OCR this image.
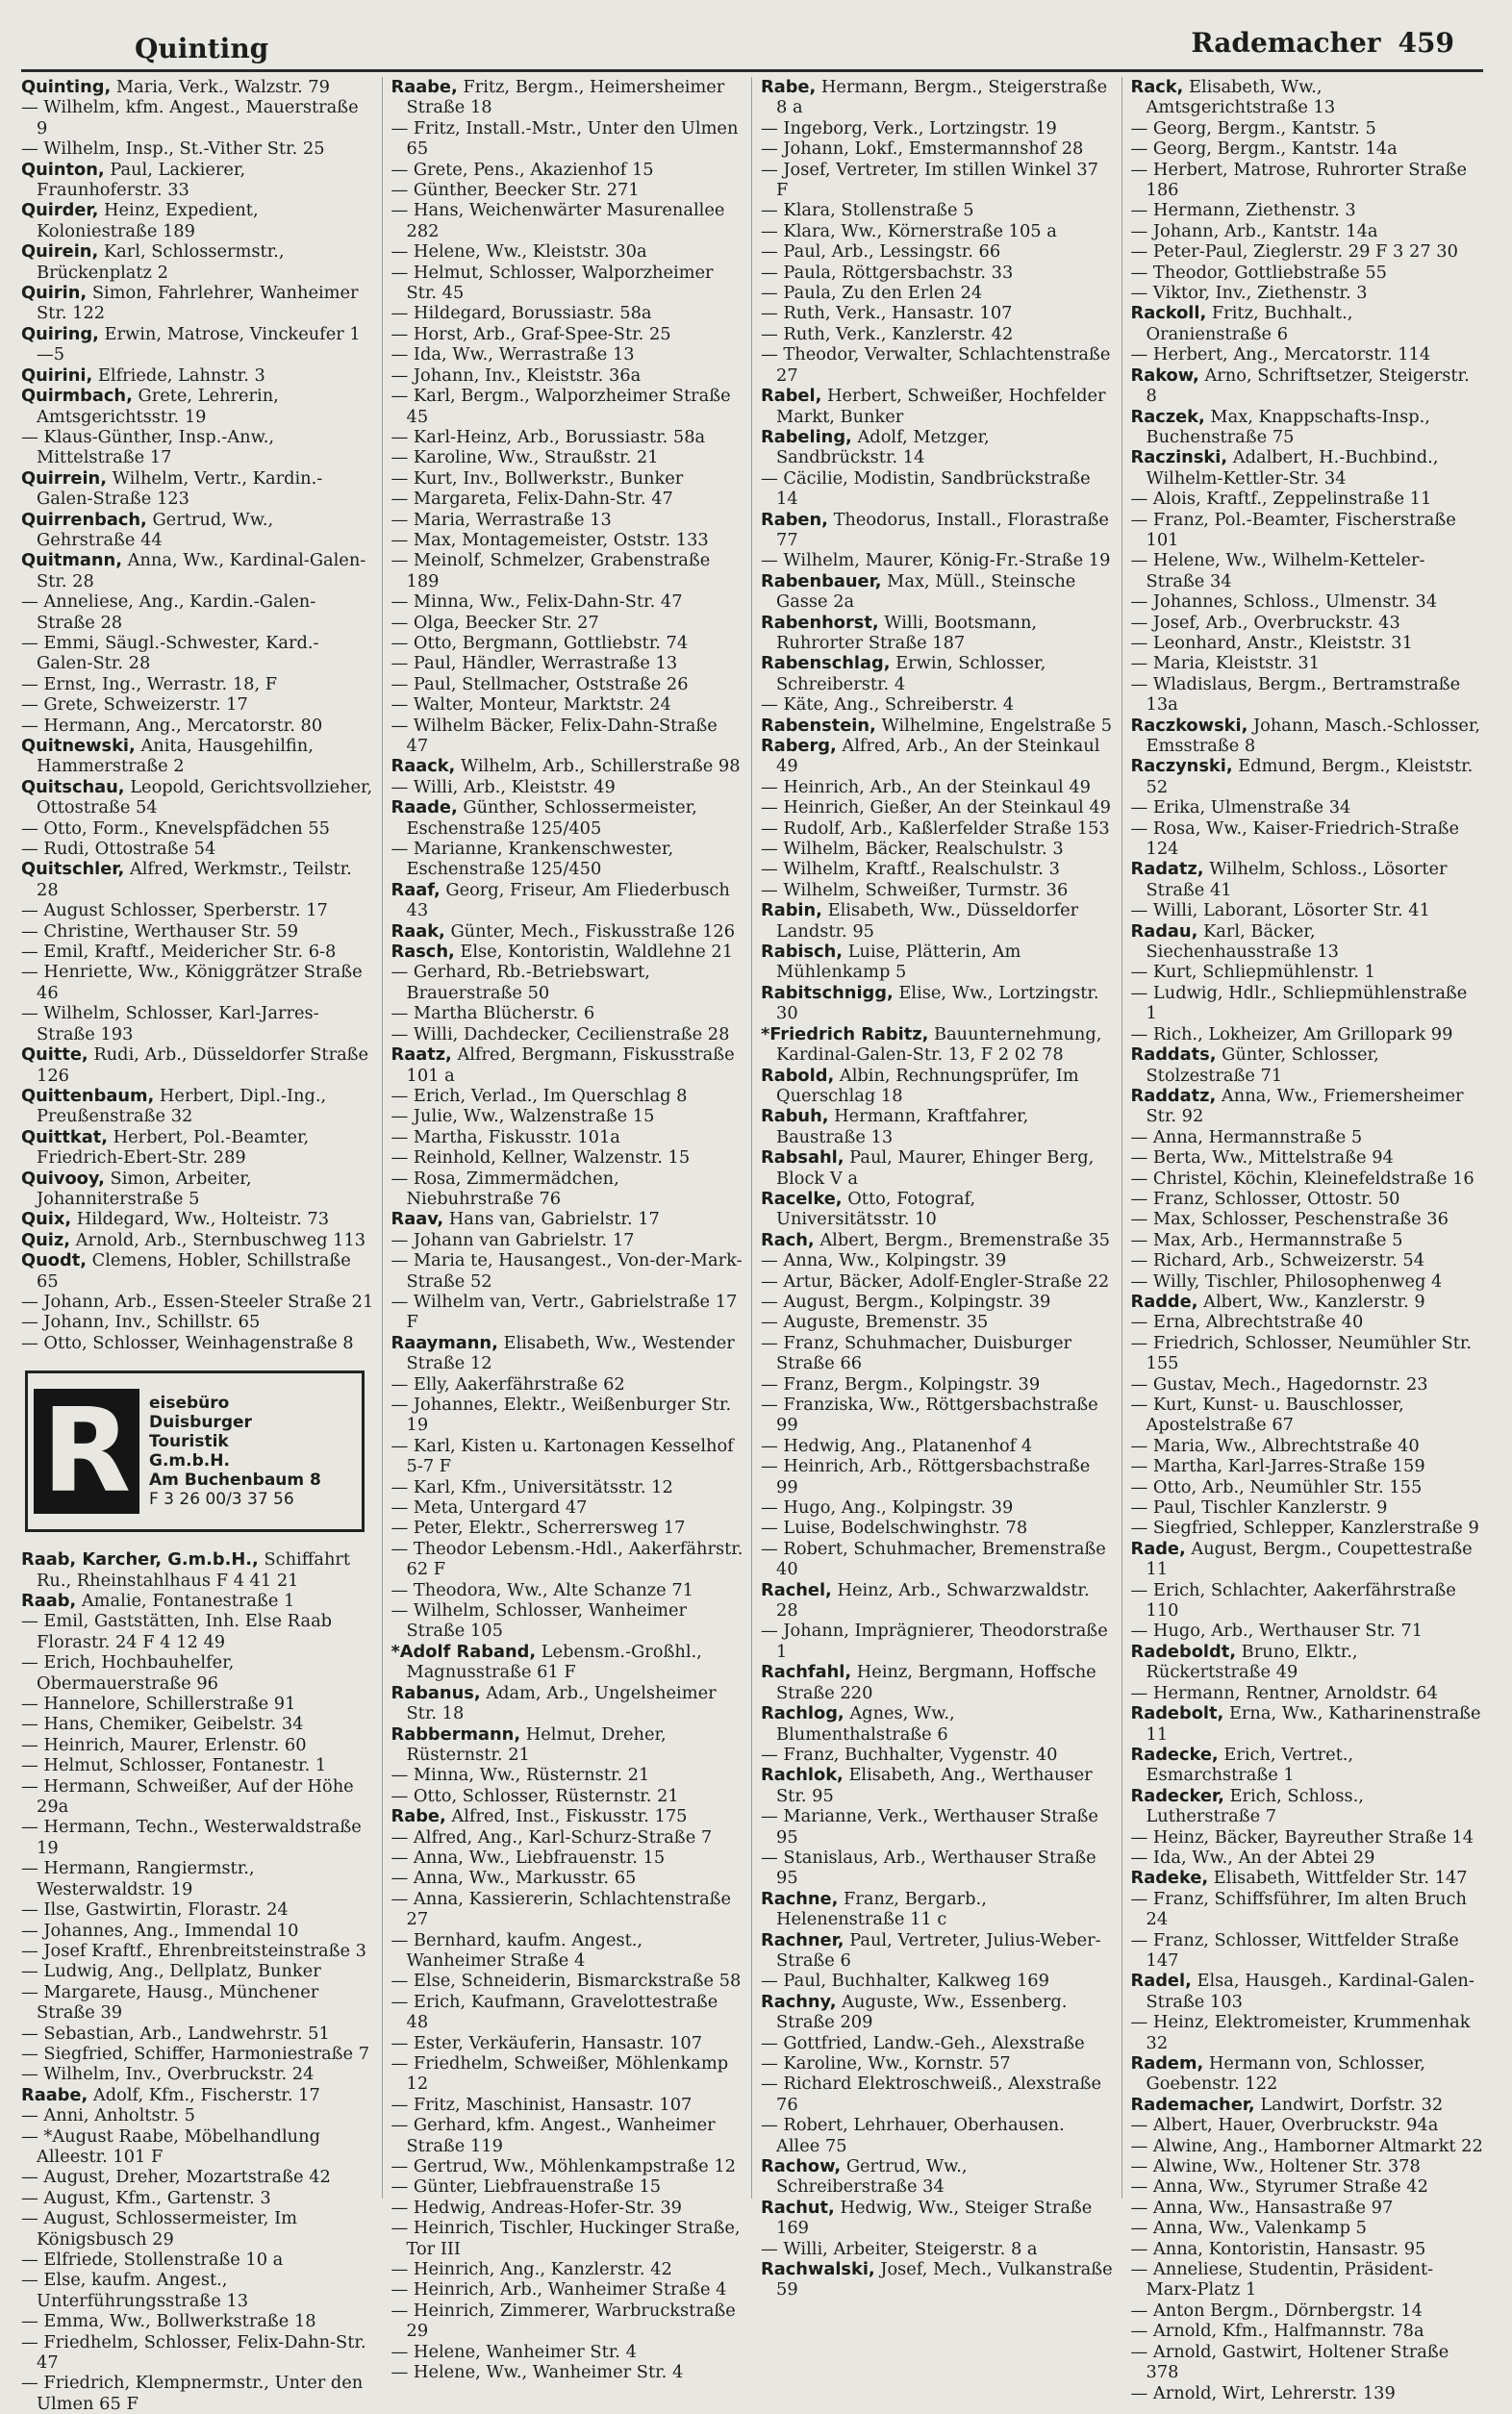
Quinting	Rademacher 459

Quinting, Maria, Verk., Walzstr. 79

— Wilhelm, kfm. Angest., Mauerstraße 9

— Wilhelm, Insp., St.-Vither Str. 25

Quinton, Paul, Lackierer, Fraunhoferstr. 33

Quirder, Heinz, Expedient, Koloniestraße 189

Quirein, Karl, Schlossermstr., Brückenplatz 2

Quirin, Simon, Fahrlehrer, Wanheimer Str. 122

Quiring, Erwin, Matrose, Vinckeufer 1—5

Quirini, Elfriede, Lahnstr. 3

Quirmbach, Grete, Lehrerin, Amtsgerichtsstr. 19

— Klaus-Günther, Insp.-Anw., Mittelstraße 17

Quirrein, Wilhelm, Vertr., Kardin.-Galen-Straße 123

Quirrenbach, Gertrud, Ww., Gehrstraße 44

Quitmann, Anna, Ww., Kardinal-Galen-Str. 28

— Anneliese, Ang., Kardin.-Galen-Straße 28

— Emmi, Säugl.-Schwester, Kard.-Galen-Str. 28

— Ernst, Ing., Werrastr. 18, F

— Grete, Schweizerstr. 17

— Hermann, Ang., Mercatorstr. 80

Quitnewski, Anita, Hausgehilfin, Hammerstraße 2

Quitschau, Leopold, Gerichtsvollzieher, Ottostraße 54

— Otto, Form., Knevelspfädchen 55

— Rudi, Ottostraße 54

Quitschler, Alfred, Werkmstr., Teilstr. 28

— August Schlosser, Sperberstr. 17

— Christine, Werthauser Str. 59

— Emil, Kraftf., Meidericher Str. 6-8

— Henriette, Ww., Königgrätzer Straße 46

— Wilhelm, Schlosser, Karl-Jarres-Straße 193

Quitte, Rudi, Arb., Düsseldorfer Straße 126

Quittenbaum, Herbert, Dipl.-Ing., Preußenstraße 32

Quittkat, Herbert, Pol.-Beamter, Friedrich-Ebert-Str. 289

Quivooy, Simon, Arbeiter, Johanniterstraße 5

Quix, Hildegard, Ww., Holteistr. 73

Quiz, Arnold, Arb., Sternbuschweg 113

Quodt, Clemens, Hobler, Schillstraße 65

— Johann, Arb., Essen-Steeler Straße 21

— Johann, Inv., Schillstr. 65

— Otto, Schlosser, Weinhagenstraße 8

R	eisebüro
Duisburger
Touristik
G.m.b.H.
Am Buchenbaum 8
F 3 26 00/3 37 56

Raab, Karcher, G.m.b.H., Schiffahrt Ru., Rheinstahlhaus F 4 41 21

Raab, Amalie, Fontanestraße 1

— Emil, Gaststätten, Inh. Else Raab Florastr. 24 F 4 12 49

— Erich, Hochbauhelfer, Obermauerstraße 96

— Hannelore, Schillerstraße 91

— Hans, Chemiker, Geibelstr. 34

— Heinrich, Maurer, Erlenstr. 60

— Helmut, Schlosser, Fontanestr. 1

— Hermann, Schweißer, Auf der Höhe 29a

— Hermann, Techn., Westerwaldstraße 19

— Hermann, Rangiermstr., Westerwaldstr. 19

— Ilse, Gastwirtin, Florastr. 24

— Johannes, Ang., Immendal 10

— Josef Kraftf., Ehrenbreitsteinstraße 3

— Ludwig, Ang., Dellplatz, Bunker

— Margarete, Hausg., Münchener Straße 39

— Sebastian, Arb., Landwehrstr. 51

— Siegfried, Schiffer, Harmoniestraße 7

— Wilhelm, Inv., Overbruckstr. 24

Raabe, Adolf, Kfm., Fischerstr. 17

— Anni, Anholtstr. 5

— *August Raabe, Möbelhandlung Alleestr. 101 F

— August, Dreher, Mozartstraße 42

— August, Kfm., Gartenstr. 3

— August, Schlossermeister, Im Königsbusch 29

— Elfriede, Stollenstraße 10 a

— Else, kaufm. Angest., Unterführungsstraße 13

— Emma, Ww., Bollwerkstraße 18

— Friedhelm, Schlosser, Felix-Dahn-Str. 47

— Friedrich, Klempnermstr., Unter den Ulmen 65 F

Raabe, Fritz, Bergm., Heimersheimer Straße 18

— Fritz, Install.-Mstr., Unter den Ulmen 65

— Grete, Pens., Akazienhof 15

— Günther, Beecker Str. 271

— Hans, Weichenwärter Masurenallee 282

— Helene, Ww., Kleiststr. 30a

— Helmut, Schlosser, Walporzheimer Str. 45

— Hildegard, Borussiastr. 58a

— Horst, Arb., Graf-Spee-Str. 25

— Ida, Ww., Werrastraße 13

— Johann, Inv., Kleiststr. 36a

— Karl, Bergm., Walporzheimer Straße 45

— Karl-Heinz, Arb., Borussiastr. 58a

— Karoline, Ww., Straußstr. 21

— Kurt, Inv., Bollwerkstr., Bunker

— Margareta, Felix-Dahn-Str. 47

— Maria, Werrastraße 13

— Max, Montagemeister, Oststr. 133

— Meinolf, Schmelzer, Grabenstraße 189

— Minna, Ww., Felix-Dahn-Str. 47

— Olga, Beecker Str. 27

— Otto, Bergmann, Gottliebstr. 74

— Paul, Händler, Werrastraße 13

— Paul, Stellmacher, Oststraße 26

— Walter, Monteur, Marktstr. 24

— Wilhelm Bäcker, Felix-Dahn-Straße 47

Raack, Wilhelm, Arb., Schillerstraße 98

— Willi, Arb., Kleiststr. 49

Raade, Günther, Schlossermeister, Eschenstraße 125/405

— Marianne, Krankenschwester, Eschenstraße 125/450

Raaf, Georg, Friseur, Am Fliederbusch 43

Raak, Günter, Mech., Fiskusstraße 126

Rasch, Else, Kontoristin, Waldlehne 21

— Gerhard, Rb.-Betriebswart, Brauerstraße 50

— Martha Blücherstr. 6

— Willi, Dachdecker, Cecilienstraße 28

Raatz, Alfred, Bergmann, Fiskusstraße 101 a

— Erich, Verlad., Im Querschlag 8

— Julie, Ww., Walzenstraße 15

— Martha, Fiskusstr. 101a

— Reinhold, Kellner, Walzenstr. 15

— Rosa, Zimmermädchen, Niebuhrstraße 76

Raav, Hans van, Gabrielstr. 17

— Johann van Gabrielstr. 17

— Maria te, Hausangest., Von-der-Mark-Straße 52

— Wilhelm van, Vertr., Gabrielstraße 17 F

Raaymann, Elisabeth, Ww., Westender Straße 12

— Elly, Aakerfährstraße 62

— Johannes, Elektr., Weißenburger Str. 19

— Karl, Kisten u. Kartonagen Kesselhof 5-7 F

— Karl, Kfm., Universitätsstr. 12

— Meta, Untergard 47

— Peter, Elektr., Scherrersweg 17

— Theodor Lebensm.-Hdl., Aakerfährstr. 62 F

— Theodora, Ww., Alte Schanze 71

— Wilhelm, Schlosser, Wanheimer Straße 105

*Adolf Raband, Lebensm.-Großhl., Magnusstraße 61 F

Rabanus, Adam, Arb., Ungelsheimer Str. 18

Rabbermann, Helmut, Dreher, Rüsternstr. 21

— Minna, Ww., Rüsternstr. 21

— Otto, Schlosser, Rüsternstr. 21

Rabe, Alfred, Inst., Fiskusstr. 175

— Alfred, Ang., Karl-Schurz-Straße 7

— Anna, Ww., Liebfrauenstr. 15

— Anna, Ww., Markusstr. 65

— Anna, Kassiererin, Schlachtenstraße 27

— Bernhard, kaufm. Angest., Wanheimer Straße 4

— Else, Schneiderin, Bismarckstraße 58

— Erich, Kaufmann, Gravelottestraße 48

— Ester, Verkäuferin, Hansastr. 107

— Friedhelm, Schweißer, Möhlenkamp 12

— Fritz, Maschinist, Hansastr. 107

— Gerhard, kfm. Angest., Wanheimer Straße 119

— Gertrud, Ww., Möhlenkampstraße 12

— Günter, Liebfrauenstraße 15

— Hedwig, Andreas-Hofer-Str. 39

— Heinrich, Tischler, Huckinger Straße, Tor III

— Heinrich, Ang., Kanzlerstr. 42

— Heinrich, Arb., Wanheimer Straße 4

— Heinrich, Zimmerer, Warbruckstraße 29

— Helene, Wanheimer Str. 4

— Helene, Ww., Wanheimer Str. 4

Rabe, Hermann, Bergm., Steigerstraße 8 a

— Ingeborg, Verk., Lortzingstr. 19

— Johann, Lokf., Emstermannshof 28

— Josef, Vertreter, Im stillen Winkel 37 F

— Klara, Stollenstraße 5

— Klara, Ww., Körnerstraße 105 a

— Paul, Arb., Lessingstr. 66

— Paula, Röttgersbachstr. 33

— Paula, Zu den Erlen 24

— Ruth, Verk., Hansastr. 107

— Ruth, Verk., Kanzlerstr. 42

— Theodor, Verwalter, Schlachtenstraße 27

Rabel, Herbert, Schweißer, Hochfelder Markt, Bunker

Rabeling, Adolf, Metzger, Sandbrückstr. 14

— Cäcilie, Modistin, Sandbrückstraße 14

Raben, Theodorus, Install., Florastraße 77

— Wilhelm, Maurer, König-Fr.-Straße 19

Rabenbauer, Max, Müll., Steinsche Gasse 2a

Rabenhorst, Willi, Bootsmann, Ruhrorter Straße 187

Rabenschlag, Erwin, Schlosser, Schreiberstr. 4

— Käte, Ang., Schreiberstr. 4

Rabenstein, Wilhelmine, Engelstraße 5

Raberg, Alfred, Arb., An der Steinkaul 49

— Heinrich, Arb., An der Steinkaul 49

— Heinrich, Gießer, An der Steinkaul 49

— Rudolf, Arb., Kaßlerfelder Straße 153

— Wilhelm, Bäcker, Realschulstr. 3

— Wilhelm, Kraftf., Realschulstr. 3

— Wilhelm, Schweißer, Turmstr. 36

Rabin, Elisabeth, Ww., Düsseldorfer Landstr. 95

Rabisch, Luise, Plätterin, Am Mühlenkamp 5

Rabitschnigg, Elise, Ww., Lortzingstr. 30

*Friedrich Rabitz, Bauunternehmung, Kardinal-Galen-Str. 13, F 2 02 78

Rabold, Albin, Rechnungsprüfer, Im Querschlag 18

Rabuh, Hermann, Kraftfahrer, Baustraße 13

Rabsahl, Paul, Maurer, Ehinger Berg, Block V a

Racelke, Otto, Fotograf, Universitätsstr. 10

Rach, Albert, Bergm., Bremenstraße 35

— Anna, Ww., Kolpingstr. 39

— Artur, Bäcker, Adolf-Engler-Straße 22

— August, Bergm., Kolpingstr. 39

— Auguste, Bremenstr. 35

— Franz, Schuhmacher, Duisburger Straße 66

— Franz, Bergm., Kolpingstr. 39

— Franziska, Ww., Röttgersbachstraße 99

— Hedwig, Ang., Platanenhof 4

— Heinrich, Arb., Röttgersbachstraße 99

— Hugo, Ang., Kolpingstr. 39

— Luise, Bodelschwinghstr. 78

— Robert, Schuhmacher, Bremenstraße 40

Rachel, Heinz, Arb., Schwarzwaldstr. 28

— Johann, Imprägnierer, Theodorstraße 1

Rachfahl, Heinz, Bergmann, Hoffsche Straße 220

Rachlog, Agnes, Ww., Blumenthalstraße 6

— Franz, Buchhalter, Vygenstr. 40

Rachlok, Elisabeth, Ang., Werthauser Str. 95

— Marianne, Verk., Werthauser Straße 95

— Stanislaus, Arb., Werthauser Straße 95

Rachne, Franz, Bergarb., Helenenstraße 11 c

Rachner, Paul, Vertreter, Julius-Weber-Straße 6

— Paul, Buchhalter, Kalkweg 169

Rachny, Auguste, Ww., Essenberg. Straße 209

— Gottfried, Landw.-Geh., Alexstraße

— Karoline, Ww., Kornstr. 57

— Richard Elektroschweiß., Alexstraße 76

— Robert, Lehrhauer, Oberhausen. Allee 75

Rachow, Gertrud, Ww., Schreiberstraße 34

Rachut, Hedwig, Ww., Steiger Straße 169

— Willi, Arbeiter, Steigerstr. 8 a

Rachwalski, Josef, Mech., Vulkanstraße 59

Rack, Elisabeth, Ww., Amtsgerichtstraße 13

— Georg, Bergm., Kantstr. 5

— Georg, Bergm., Kantstr. 14a

— Herbert, Matrose, Ruhrorter Straße 186

— Hermann, Ziethenstr. 3

— Johann, Arb., Kantstr. 14a

— Peter-Paul, Zieglerstr. 29 F 3 27 30

— Theodor, Gottliebstraße 55

— Viktor, Inv., Ziethenstr. 3

Rackoll, Fritz, Buchhalt., Oranienstraße 6

— Herbert, Ang., Mercatorstr. 114

Rakow, Arno, Schriftsetzer, Steigerstr. 8

Raczek, Max, Knappschafts-Insp., Buchenstraße 75

Raczinski, Adalbert, H.-Buchbind., Wilhelm-Kettler-Str. 34

— Alois, Kraftf., Zeppelinstraße 11

— Franz, Pol.-Beamter, Fischerstraße 101

— Helene, Ww., Wilhelm-Ketteler-Straße 34

— Johannes, Schloss., Ulmenstr. 34

— Josef, Arb., Overbruckstr. 43

— Leonhard, Anstr., Kleiststr. 31

— Maria, Kleiststr. 31

— Wladislaus, Bergm., Bertramstraße 13a

Raczkowski, Johann, Masch.-Schlosser, Emsstraße 8

Raczynski, Edmund, Bergm., Kleiststr. 52

— Erika, Ulmenstraße 34

— Rosa, Ww., Kaiser-Friedrich-Straße 124

Radatz, Wilhelm, Schloss., Lösorter Straße 41

— Willi, Laborant, Lösorter Str. 41

Radau, Karl, Bäcker, Siechenhausstraße 13

— Kurt, Schliepmühlenstr. 1

— Ludwig, Hdlr., Schliepmühlenstraße 1

— Rich., Lokheizer, Am Grillopark 99

Raddats, Günter, Schlosser, Stolzestraße 71

Raddatz, Anna, Ww., Friemersheimer Str. 92

— Anna, Hermannstraße 5

— Berta, Ww., Mittelstraße 94

— Christel, Köchin, Kleinefeldstraße 16

— Franz, Schlosser, Ottostr. 50

— Max, Schlosser, Peschenstraße 36

— Max, Arb., Hermannstraße 5

— Richard, Arb., Schweizerstr. 54

— Willy, Tischler, Philosophenweg 4

Radde, Albert, Ww., Kanzlerstr. 9

— Erna, Albrechtstraße 40

— Friedrich, Schlosser, Neumühler Str. 155

— Gustav, Mech., Hagedornstr. 23

— Kurt, Kunst- u. Bauschlosser, Apostelstraße 67

— Maria, Ww., Albrechtstraße 40

— Martha, Karl-Jarres-Straße 159

— Otto, Arb., Neumühler Str. 155

— Paul, Tischler Kanzlerstr. 9

— Siegfried, Schlepper, Kanzlerstraße 9

Rade, August, Bergm., Coupettestraße 11

— Erich, Schlachter, Aakerfährstraße 110

— Hugo, Arb., Werthauser Str. 71

Radeboldt, Bruno, Elktr., Rückertstraße 49

— Hermann, Rentner, Arnoldstr. 64

Radebolt, Erna, Ww., Katharinenstraße 11

Radecke, Erich, Vertret., Esmarchstraße 1

Radecker, Erich, Schloss., Lutherstraße 7

— Heinz, Bäcker, Bayreuther Straße 14

— Ida, Ww., An der Abtei 29

Radeke, Elisabeth, Wittfelder Str. 147

— Franz, Schiffsführer, Im alten Bruch 24

— Franz, Schlosser, Wittfelder Straße 147

Radel, Elsa, Hausgeh., Kardinal-Galen-Straße 103

— Heinz, Elektromeister, Krummenhak 32

Radem, Hermann von, Schlosser, Goebenstr. 122

Rademacher, Landwirt, Dorfstr. 32

— Albert, Hauer, Overbruckstr. 94a

— Alwine, Ang., Hamborner Altmarkt 22

— Alwine, Ww., Holtener Str. 378

— Anna, Ww., Styrumer Straße 42

— Anna, Ww., Hansastraße 97

— Anna, Ww., Valenkamp 5

— Anna, Kontoristin, Hansastr. 95

— Anneliese, Studentin, Präsident-Marx-Platz 1

— Anton Bergm., Dörnbergstr. 14

— Arnold, Kfm., Halfmannstr. 78a

— Arnold, Gastwirt, Holtener Straße 378

— Arnold, Wirt, Lehrerstr. 139
